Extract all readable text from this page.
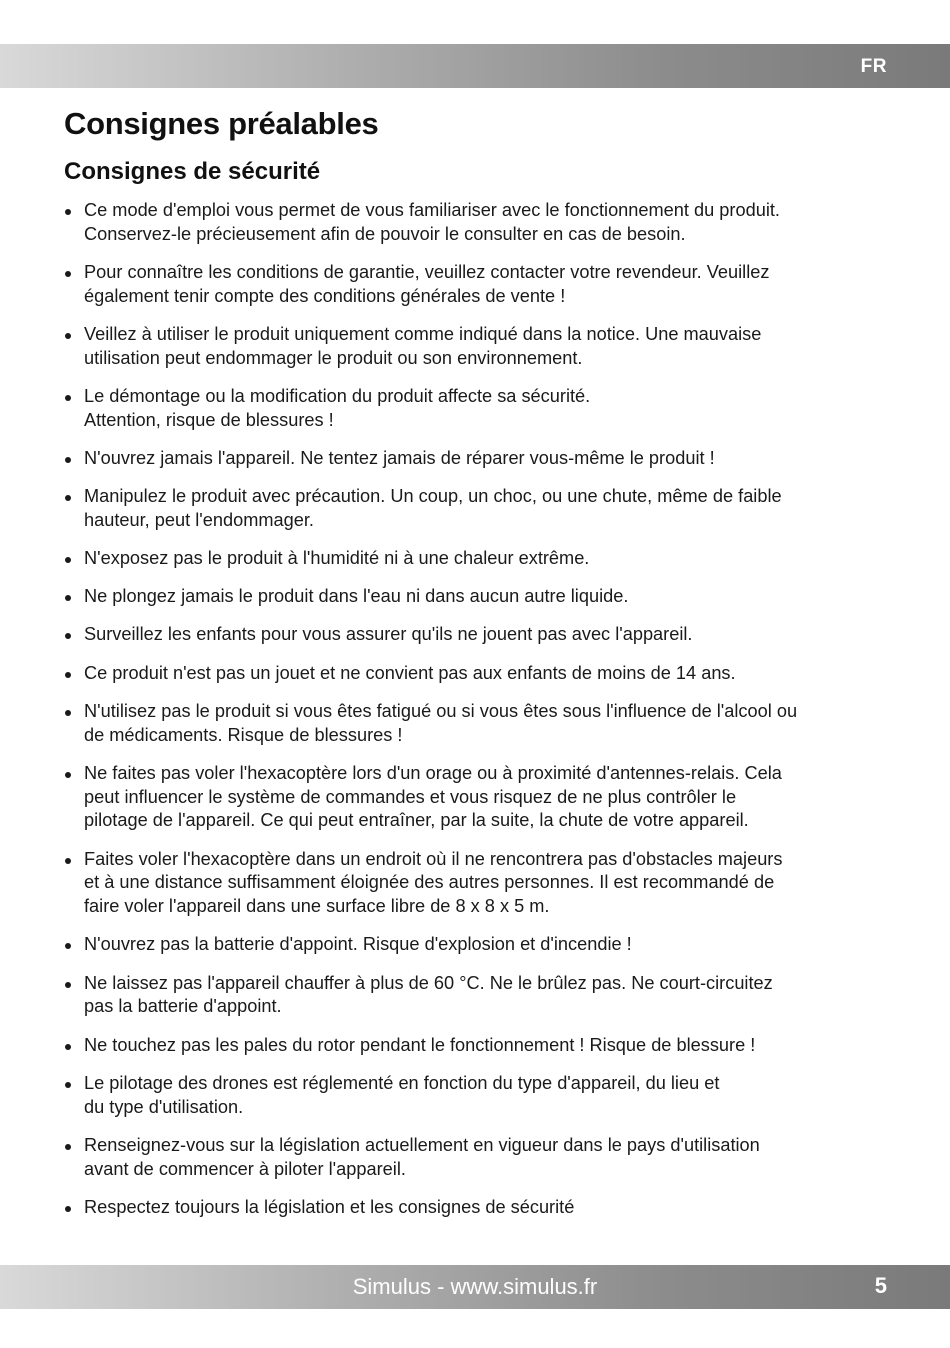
FR
Consignes préalables
Consignes de sécurité
Ce mode d'emploi vous permet de vous familiariser avec le fonctionnement du produit.
Conservez-le précieusement afin de pouvoir le consulter en cas de besoin.
Pour connaître les conditions de garantie, veuillez contacter votre revendeur. Veuillez
également tenir compte des conditions générales de vente !
Veillez à utiliser le produit uniquement comme indiqué dans la notice. Une mauvaise
utilisation peut endommager le produit ou son environnement.
Le démontage ou la modification du produit affecte sa sécurité.
Attention, risque de blessures !
N'ouvrez jamais l'appareil. Ne tentez jamais de réparer vous-même le produit !
Manipulez le produit avec précaution. Un coup, un choc, ou une chute, même de faible
hauteur, peut l'endommager.
N'exposez pas le produit à l'humidité ni à une chaleur extrême.
Ne plongez jamais le produit dans l'eau ni dans aucun autre liquide.
Surveillez les enfants pour vous assurer qu'ils ne jouent pas avec l'appareil.
Ce produit n'est pas un jouet et ne convient pas aux enfants de moins de 14 ans.
N'utilisez pas le produit si vous êtes fatigué ou si vous êtes sous l'influence de l'alcool ou
de médicaments. Risque de blessures !
Ne faites pas voler l'hexacoptère lors d'un orage ou à proximité d'antennes-relais. Cela
peut influencer le système de commandes et vous risquez de ne plus contrôler le
pilotage de l'appareil. Ce qui peut entraîner, par la suite, la chute de votre appareil.
Faites voler l'hexacoptère dans un endroit où il ne rencontrera pas d'obstacles majeurs
et à une distance suffisamment éloignée des autres personnes. Il est recommandé de
faire voler l'appareil dans une surface libre de 8 x 8 x 5 m.
N'ouvrez pas la batterie d'appoint. Risque d'explosion et d'incendie !
Ne laissez pas l'appareil chauffer à plus de 60 °C. Ne le brûlez pas. Ne court-circuitez
pas la batterie d'appoint.
Ne touchez pas les pales du rotor pendant le fonctionnement ! Risque de blessure !
Le pilotage des drones est réglementé en fonction du type d'appareil, du lieu et
du type d'utilisation.
Renseignez-vous sur la législation actuellement en vigueur dans le pays d'utilisation
avant de commencer à piloter l'appareil.
Respectez toujours la législation et les consignes de sécurité
Simulus - www.simulus.fr	5
